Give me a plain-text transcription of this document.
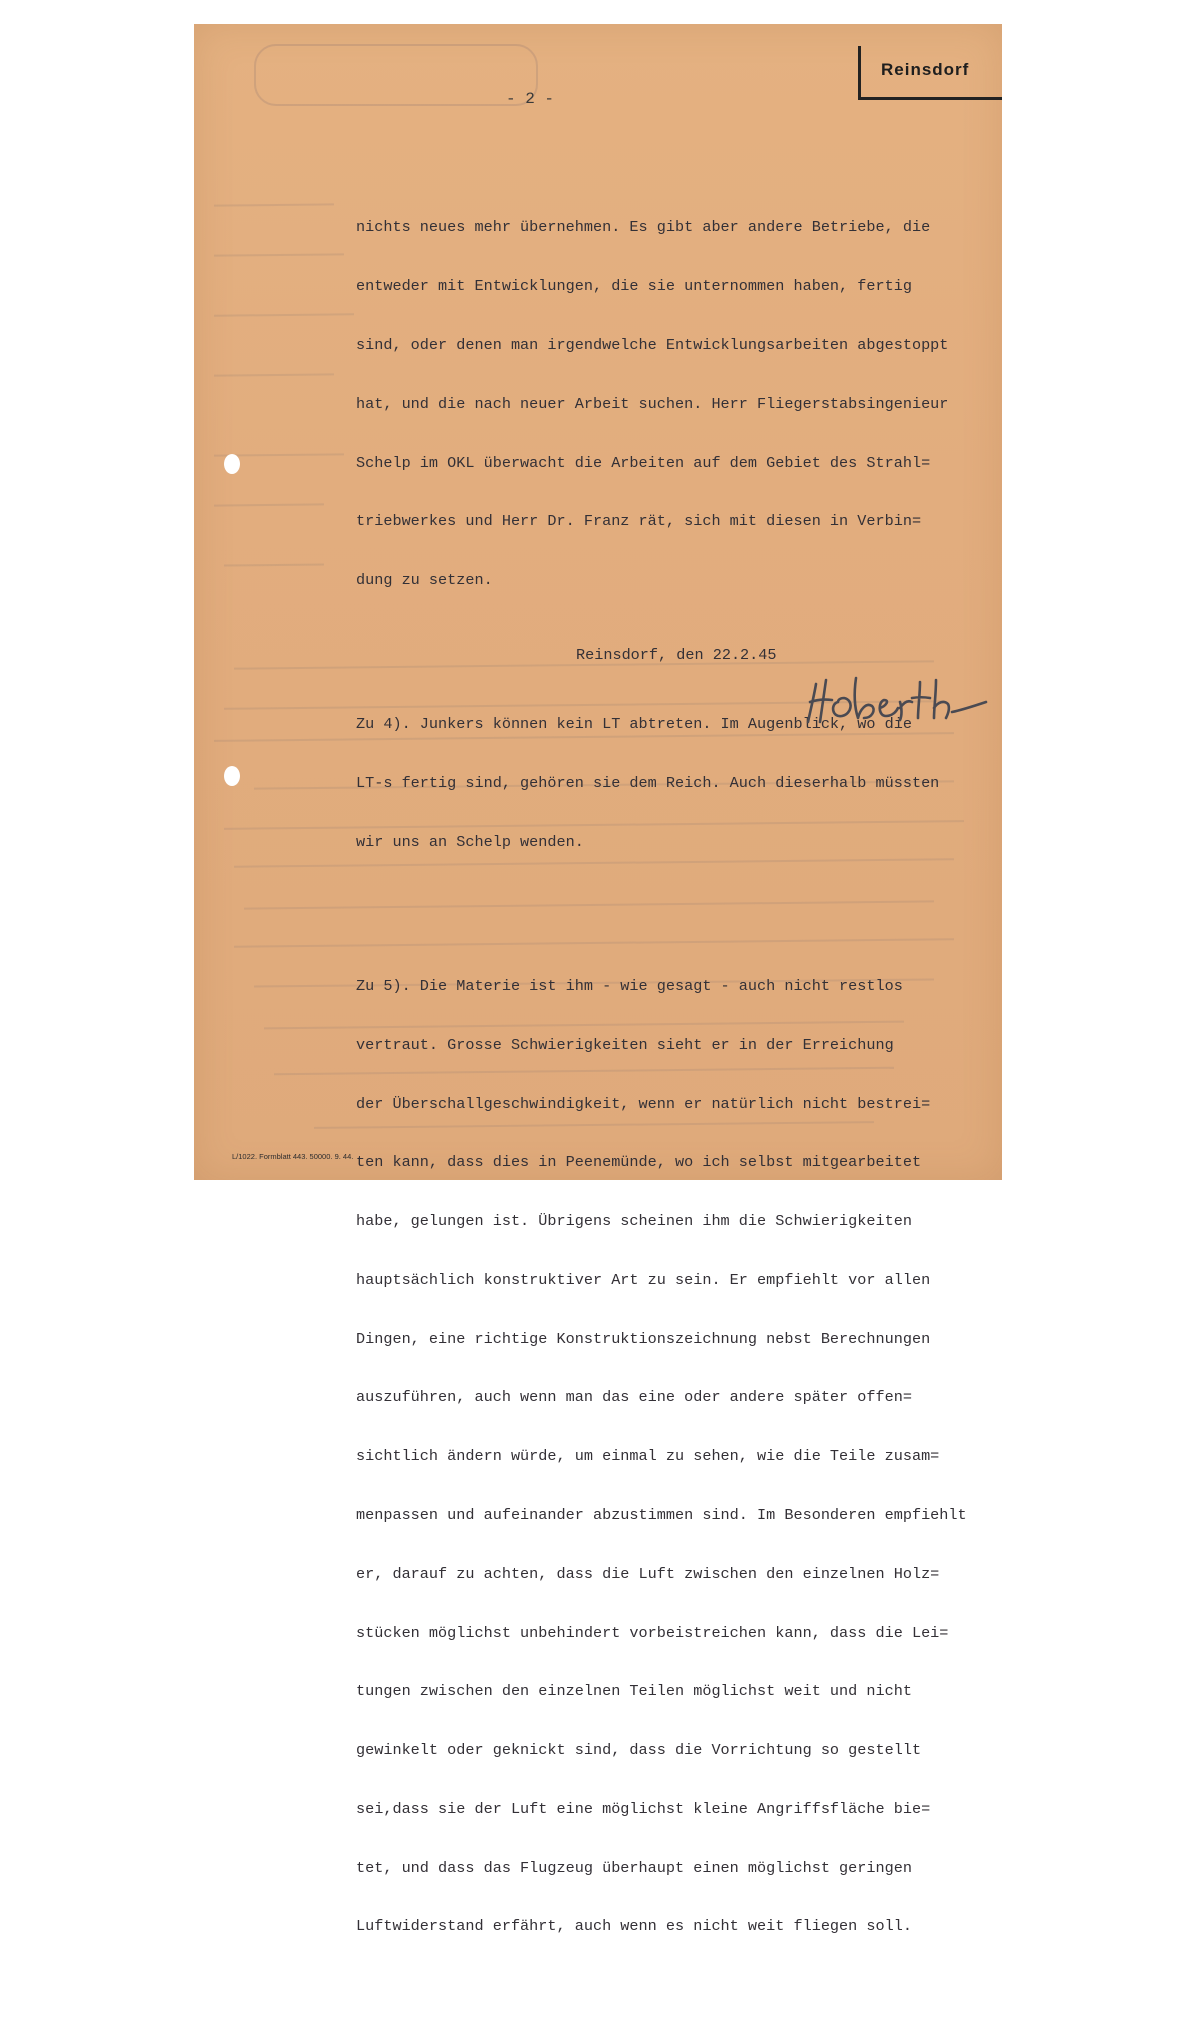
Reinsdorf
- 2 -

nichts neues mehr übernehmen. Es gibt aber andere Betriebe, die

entweder mit Entwicklungen, die sie unternommen haben, fertig

sind, oder denen man irgendwelche Entwicklungsarbeiten abgestoppt

hat, und die nach neuer Arbeit suchen. Herr Fliegerstabsingenieur

Schelp im OKL überwacht die Arbeiten auf dem Gebiet des Strahl=

triebwerkes und Herr Dr. Franz rät, sich mit diesen in Verbin=

dung zu setzen.

Zu 4). Junkers können kein LT abtreten. Im Augenblick, wo die

LT-s fertig sind, gehören sie dem Reich. Auch dieserhalb müssten

wir uns an Schelp wenden.

Zu 5). Die Materie ist ihm - wie gesagt - auch nicht restlos

vertraut. Grosse Schwierigkeiten sieht er in der Erreichung

der Überschallgeschwindigkeit, wenn er natürlich nicht bestrei=

ten kann, dass dies in Peenemünde, wo ich selbst mitgearbeitet

habe, gelungen ist. Übrigens scheinen ihm die Schwierigkeiten

hauptsächlich konstruktiver Art zu sein. Er empfiehlt vor allen

Dingen, eine richtige Konstruktionszeichnung nebst Berechnungen

auszuführen, auch wenn man das eine oder andere später offen=

sichtlich ändern würde, um einmal zu sehen, wie die Teile zusam=

menpassen und aufeinander abzustimmen sind. Im Besonderen empfiehlt

er, darauf zu achten, dass die Luft zwischen den einzelnen Holz=

stücken möglichst unbehindert vorbeistreichen kann, dass die Lei=

tungen zwischen den einzelnen Teilen möglichst weit und nicht

gewinkelt oder geknickt sind, dass die Vorrichtung so gestellt

sei,dass sie der Luft eine möglichst kleine Angriffsfläche bie=

tet, und dass das Flugzeug überhaupt einen möglichst geringen

Luftwiderstand erfährt, auch wenn es nicht weit fliegen soll.

Reinsdorf, den 22.2.45
L/1022. Formblatt 443. 50000. 9. 44.
